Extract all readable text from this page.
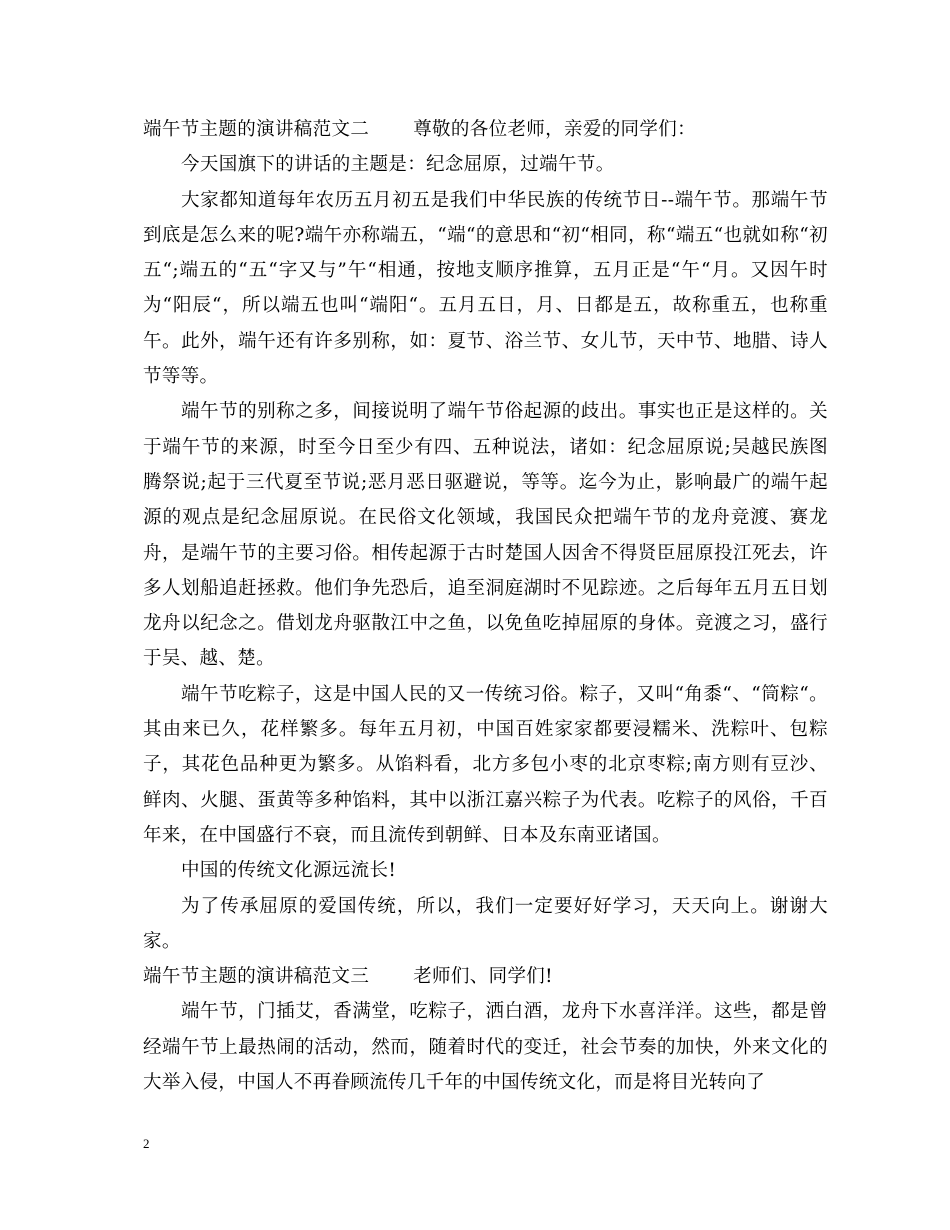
端午节主题的演讲稿范文二 尊敬的各位老师，亲爱的同学们：

今天国旗下的讲话的主题是：纪念屈原，过端午节。

大家都知道每年农历五月初五是我们中华民族的传统节日--端午节。那端午节到底是怎么来的呢?端午亦称端五，“端“的意思和“初“相同，称“端五“也就如称“初五“;端五的“五“字又与”午“相通，按地支顺序推算，五月正是“午“月。又因午时为“阳辰“，所以端五也叫“端阳“。五月五日，月、日都是五，故称重五，也称重午。此外，端午还有许多别称，如：夏节、浴兰节、女儿节，天中节、地腊、诗人节等等。

端午节的别称之多，间接说明了端午节俗起源的歧出。事实也正是这样的。关于端午节的来源，时至今日至少有四、五种说法，诸如：纪念屈原说;吴越民族图腾祭说;起于三代夏至节说;恶月恶日驱避说，等等。迄今为止，影响最广的端午起源的观点是纪念屈原说。在民俗文化领域，我国民众把端午节的龙舟竞渡、赛龙舟，是端午节的主要习俗。相传起源于古时楚国人因舍不得贤臣屈原投江死去，许多人划船追赶拯救。他们争先恐后，追至洞庭湖时不见踪迹。之后每年五月五日划龙舟以纪念之。借划龙舟驱散江中之鱼，以免鱼吃掉屈原的身体。竞渡之习，盛行于吴、越、楚。

端午节吃粽子，这是中国人民的又一传统习俗。粽子，又叫“角黍“、“筒粽“。其由来已久，花样繁多。每年五月初，中国百姓家家都要浸糯米、洗粽叶、包粽子，其花色品种更为繁多。从馅料看，北方多包小枣的北京枣粽;南方则有豆沙、鲜肉、火腿、蛋黄等多种馅料，其中以浙江嘉兴粽子为代表。吃粽子的风俗，千百年来，在中国盛行不衰，而且流传到朝鲜、日本及东南亚诸国。

中国的传统文化源远流长!

为了传承屈原的爱国传统，所以，我们一定要好好学习，天天向上。谢谢大家。

端午节主题的演讲稿范文三 老师们、同学们!

端午节，门插艾，香满堂，吃粽子，洒白酒，龙舟下水喜洋洋。这些，都是曾经端午节上最热闹的活动，然而，随着时代的变迁，社会节奏的加快，外来文化的大举入侵，中国人不再眷顾流传几千年的中国传统文化，而是将目光转向了

2
